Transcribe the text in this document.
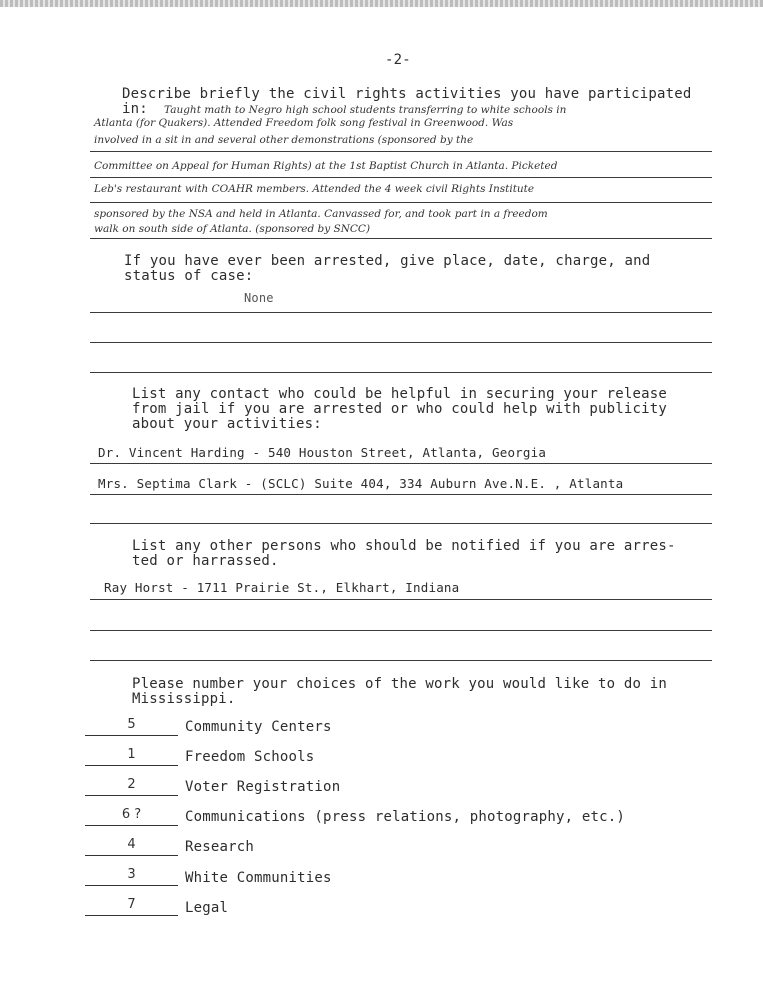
-2-
Describe briefly the civil rights activities you have participated
in: Taught math to Negro high school students transferring to white schools in
Atlanta (for Quakers). Attended Freedom folk song festival in Greenwood. Was
involved in a sit in and several other demonstrations (sponsored by the
Committee on Appeal for Human Rights) at the 1st Baptist Church in Atlanta. Picketed
Leb's restaurant with COAHR members. Attended the 4 week civil Rights Institute
sponsored by the NSA and held in Atlanta. Canvassed for, and took part in a freedom
walk on south side of Atlanta. (sponsored by SNCC)
If you have ever been arrested, give place, date, charge, and
status of case:
None
List any contact who could be helpful in securing your release
from jail if you are arrested or who could help with publicity
about your activities:
Dr. Vincent Harding - 540 Houston Street, Atlanta, Georgia
Mrs. Septima Clark - (SCLC) Suite 404, 334 Auburn Ave.N.E. , Atlanta
List any other persons who should be notified if you are arres-
ted or harrassed.
Ray Horst - 1711 Prairie St., Elkhart, Indiana
Please number your choices of the work you would like to do in
Mississippi.
5	Community Centers
1	Freedom Schools
2	Voter Registration
6 ?	Communications (press relations, photography, etc.)
4	Research
3	White Communities
7	Legal
